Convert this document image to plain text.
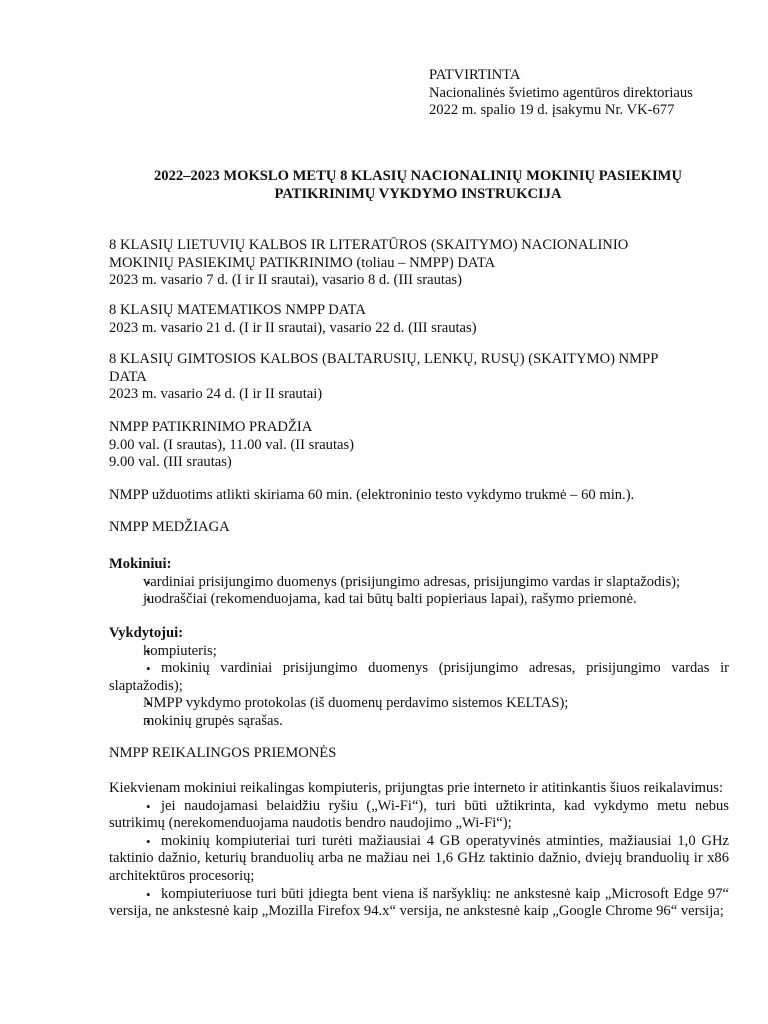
PATVIRTINTA
Nacionalinės švietimo agentūros direktoriaus
2022 m. spalio 19 d. įsakymu Nr. VK-677
2022–2023 MOKSLO METŲ 8 KLASIŲ NACIONALINIŲ MOKINIŲ PASIEKIMŲ
PATIKRINIMŲ VYKDYMO INSTRUKCIJA
8 KLASIŲ LIETUVIŲ KALBOS IR LITERATŪROS (SKAITYMO) NACIONALINIO
MOKINIŲ PASIEKIMŲ PATIKRINIMO (toliau – NMPP) DATA
2023 m. vasario 7 d. (I ir II srautai), vasario 8 d. (III srautas)
8 KLASIŲ MATEMATIKOS NMPP DATA
2023 m. vasario 21 d. (I ir II srautai), vasario 22 d. (III srautas)
8 KLASIŲ GIMTOSIOS KALBOS (BALTARUSIŲ, LENKŲ, RUSŲ) (SKAITYMO) NMPP
DATA
2023 m. vasario 24 d. (I ir II srautai)
NMPP PATIKRINIMO PRADŽIA
9.00 val. (I srautas), 11.00 val. (II srautas)
9.00 val. (III srautas)
NMPP užduotims atlikti skiriama 60 min. (elektroninio testo vykdymo trukmė – 60 min.).
NMPP MEDŽIAGA
Mokiniui:
• vardiniai prisijungimo duomenys (prisijungimo adresas, prisijungimo vardas ir slaptažodis);
• juodraščiai (rekomenduojama, kad tai būtų balti popieriaus lapai), rašymo priemonė.
Vykdytojui:
• kompiuteris;
• mokinių vardiniai prisijungimo duomenys (prisijungimo adresas, prisijungimo vardas ir slaptažodis);
• NMPP vykdymo protokolas (iš duomenų perdavimo sistemos KELTAS);
• mokinių grupės sąrašas.
NMPP REIKALINGOS PRIEMONĖS
Kiekvienam mokiniui reikalingas kompiuteris, prijungtas prie interneto ir atitinkantis šiuos reikalavimus:
• jei naudojamasi belaidžiu ryšiu („Wi-Fi“), turi būti užtikrinta, kad vykdymo metu nebus sutrikimų (nerekomenduojama naudotis bendro naudojimo „Wi-Fi“);
• mokinių kompiuteriai turi turėti mažiausiai 4 GB operatyvinės atminties, mažiausiai 1,0 GHz taktinio dažnio, keturių branduolių arba ne mažiau nei 1,6 GHz taktinio dažnio, dviejų branduolių ir x86 architektūros procesorių;
• kompiuteriuose turi būti įdiegta bent viena iš naršyklių: ne ankstesnė kaip „Microsoft Edge 97“ versija, ne ankstesnė kaip „Mozilla Firefox 94.x“ versija, ne ankstesnė kaip „Google Chrome 96“ versija;
